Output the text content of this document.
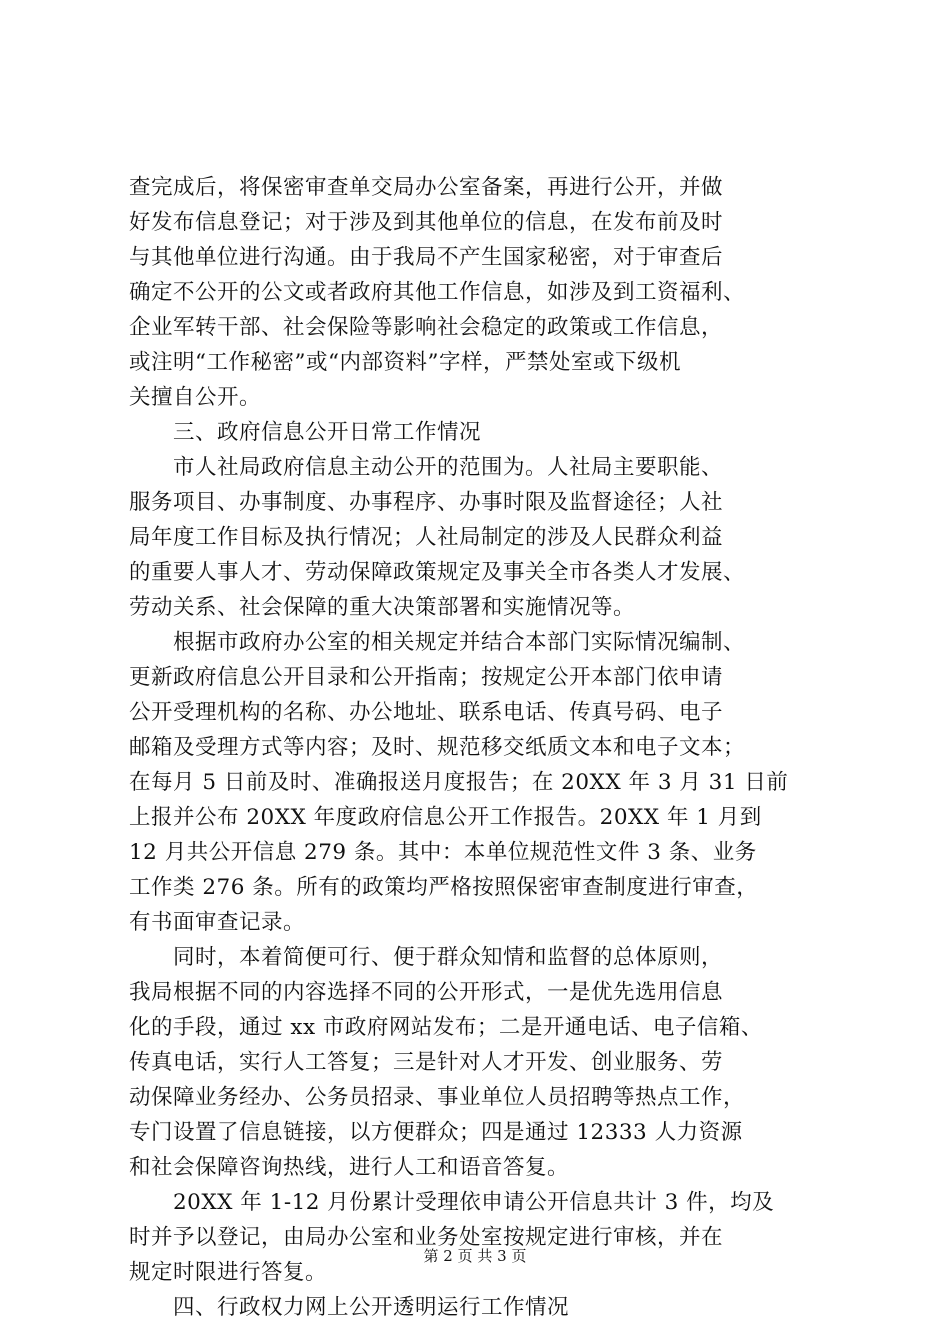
查完成后，将保密审查单交局办公室备案，再进行公开，并做
好发布信息登记；对于涉及到其他单位的信息，在发布前及时
与其他单位进行沟通。由于我局不产生国家秘密，对于审查后
确定不公开的公文或者政府其他工作信息，如涉及到工资福利、
企业军转干部、社会保险等影响社会稳定的政策或工作信息，
或注明“工作秘密”或“内部资料”字样，严禁处室或下级机
关擅自公开。
三、政府信息公开日常工作情况
市人社局政府信息主动公开的范围为。人社局主要职能、
服务项目、办事制度、办事程序、办事时限及监督途径；人社
局年度工作目标及执行情况；人社局制定的涉及人民群众利益
的重要人事人才、劳动保障政策规定及事关全市各类人才发展、
劳动关系、社会保障的重大决策部署和实施情况等。
根据市政府办公室的相关规定并结合本部门实际情况编制、
更新政府信息公开目录和公开指南；按规定公开本部门依申请
公开受理机构的名称、办公地址、联系电话、传真号码、电子
邮箱及受理方式等内容；及时、规范移交纸质文本和电子文本；
在每月 5 日前及时、准确报送月度报告；在 20XX 年 3 月 31 日前
上报并公布 20XX 年度政府信息公开工作报告。20XX 年 1 月到
12 月共公开信息 279 条。其中：本单位规范性文件 3 条、业务
工作类 276 条。所有的政策均严格按照保密审查制度进行审查，
有书面审查记录。
同时，本着简便可行、便于群众知情和监督的总体原则，
我局根据不同的内容选择不同的公开形式，一是优先选用信息
化的手段，通过 xx 市政府网站发布；二是开通电话、电子信箱、
传真电话，实行人工答复；三是针对人才开发、创业服务、劳
动保障业务经办、公务员招录、事业单位人员招聘等热点工作，
专门设置了信息链接，以方便群众；四是通过 12333 人力资源
和社会保障咨询热线，进行人工和语音答复。
20XX 年 1-12 月份累计受理依申请公开信息共计 3 件，均及
时并予以登记，由局办公室和业务处室按规定进行审核，并在
规定时限进行答复。
四、行政权力网上公开透明运行工作情况
第 2 页 共 3 页
